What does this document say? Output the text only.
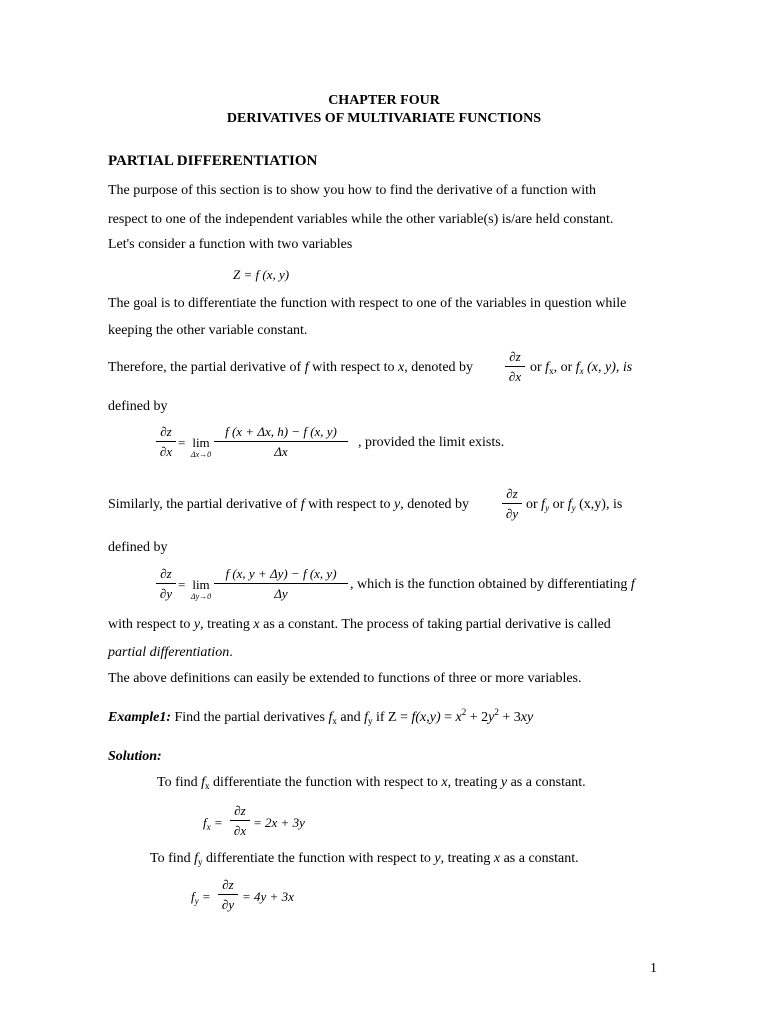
CHAPTER FOUR
DERIVATIVES OF MULTIVARIATE FUNCTIONS
PARTIAL DIFFERENTIATION
The purpose of this section is to show you how to find the derivative of a function with
respect to one of the independent variables while the other variable(s) is/are held constant.
Let's consider a function with two variables
Z = f (x, y)
The goal is to differentiate the function with respect to one of the variables in question while
keeping the other variable constant.
Therefore, the partial derivative of f with respect to x, denoted by
∂z
∂x
or $f_x$, or $f_x$ (x, y), is
defined by
∂z
∂x
= lim
Δx→0
f (x + Δx, h) − f (x, y)
Δx
, provided the limit exists.
Similarly, the partial derivative of f with respect to y, denoted by
∂z
∂y
or $f_y$ or $f_y$ (x,y), is
defined by
∂z
∂y
= lim
Δy→0
f (x, y + Δy) − f (x, y)
Δy
, which is the function obtained by differentiating f
with respect to y, treating x as a constant. The process of taking partial derivative is called
partial differentiation.
The above definitions can easily be extended to functions of three or more variables.
Example1: Find the partial derivatives $f_x$ and $f_y$ if $Z = f(x,y) = x^2 + 2y^2 + 3xy$
Solution:
To find $f_x$ differentiate the function with respect to x, treating y as a constant.
$f_x$ =
∂z
∂x
= 2x + 3y
To find $f_y$ differentiate the function with respect to y, treating x as a constant.
$f_y$ =
∂z
∂y
= 4y + 3x
1
